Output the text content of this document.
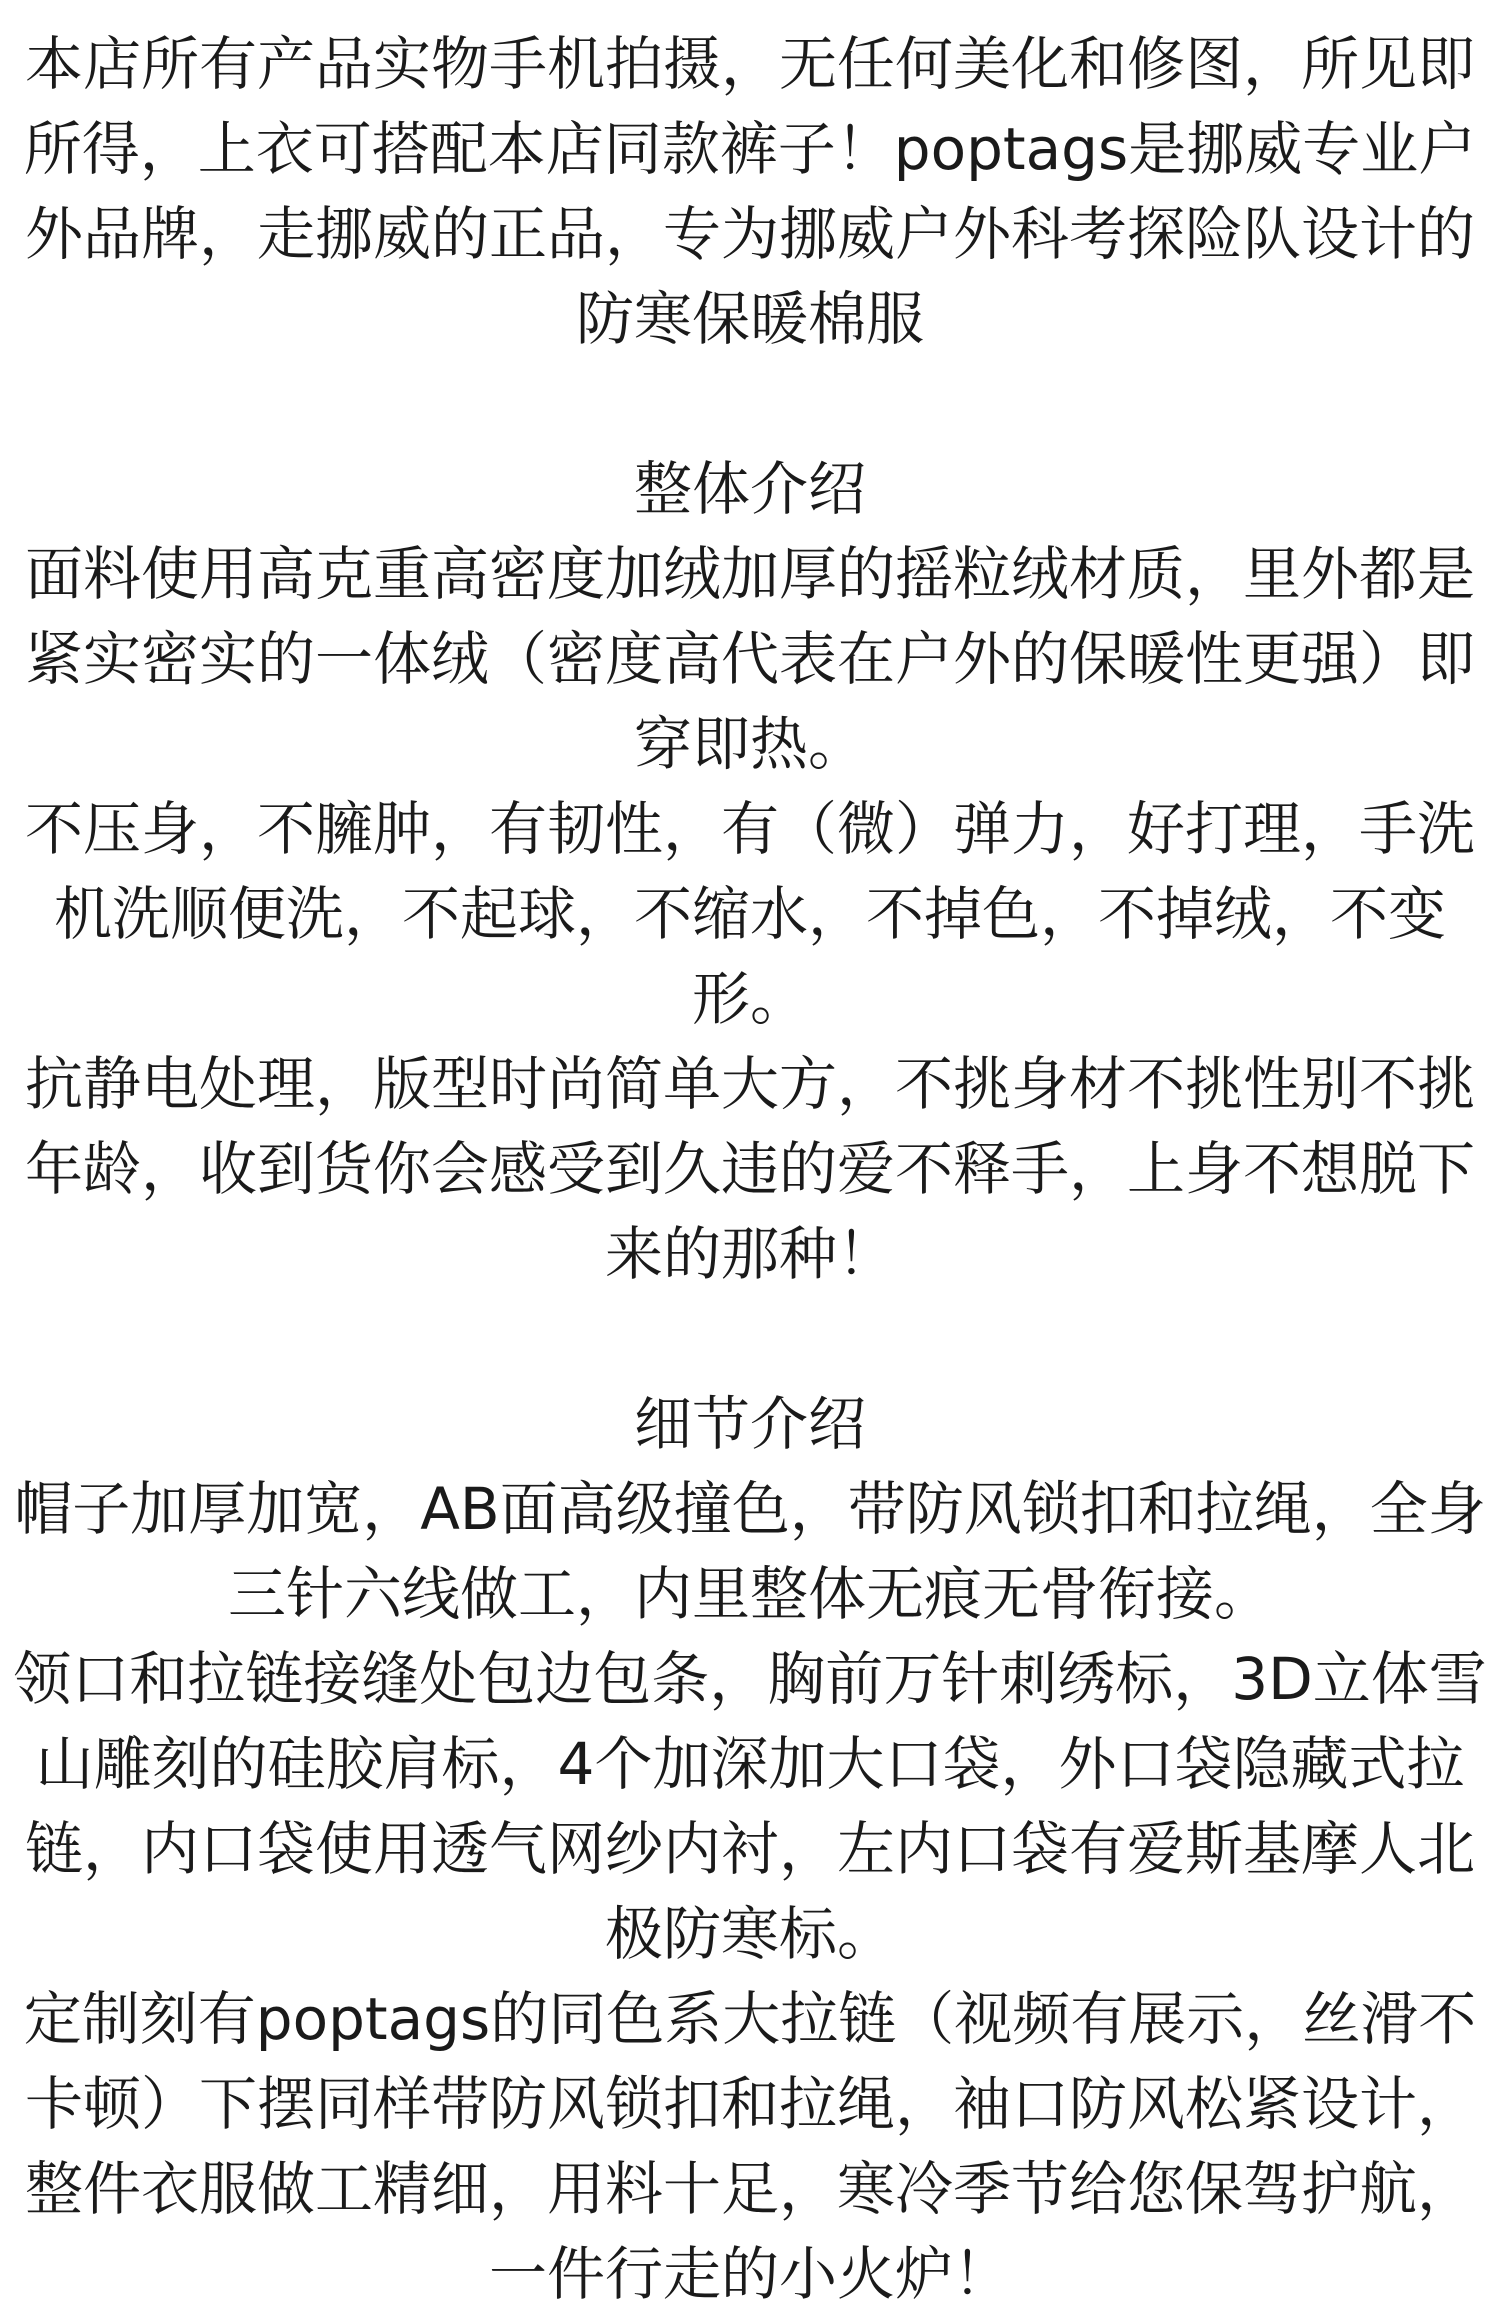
本店所有产品实物手机拍摄，无任何美化和修图，所见即所得，上衣可搭配本店同款裤子！poptags是挪威专业户外品牌，走挪威的正品，专为挪威户外科考探险队设计的防寒保暖棉服

整体介绍

面料使用高克重高密度加绒加厚的摇粒绒材质，里外都是紧实密实的一体绒（密度高代表在户外的保暖性更强）即穿即热。

不压身，不臃肿，有韧性，有（微）弹力，好打理，手洗机洗顺便洗，不起球，不缩水，不掉色，不掉绒，不变形。

抗静电处理，版型时尚简单大方，不挑身材不挑性别不挑年龄，收到货你会感受到久违的爱不释手，上身不想脱下来的那种！

细节介绍

帽子加厚加宽，AB面高级撞色，带防风锁扣和拉绳，全身三针六线做工，内里整体无痕无骨衔接。

领口和拉链接缝处包边包条，胸前万针刺绣标，3D立体雪山雕刻的硅胶肩标，4个加深加大口袋，外口袋隐藏式拉链，内口袋使用透气网纱内衬，左内口袋有爱斯基摩人北极防寒标。

定制刻有poptags的同色系大拉链（视频有展示，丝滑不卡顿）下摆同样带防风锁扣和拉绳，袖口防风松紧设计，整件衣服做工精细，用料十足，寒冷季节给您保驾护航，一件行走的小火炉！
